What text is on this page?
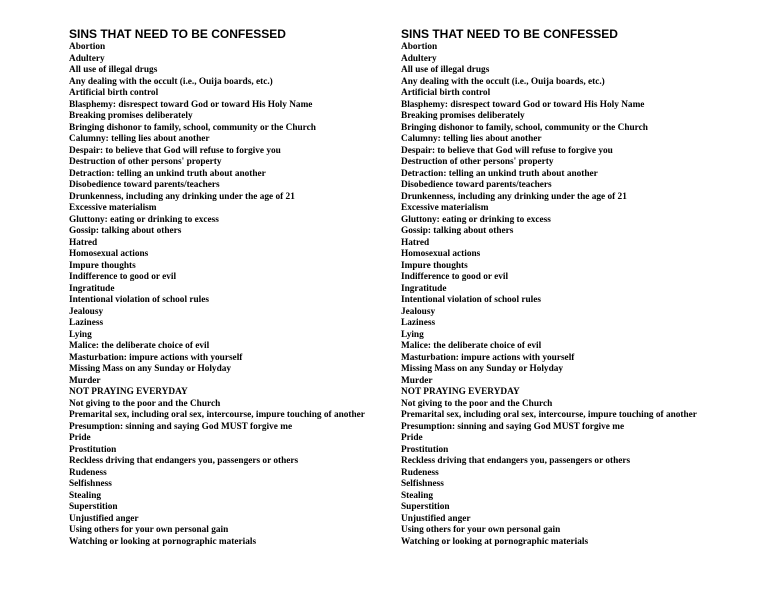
SINS THAT NEED TO BE CONFESSED
Abortion
Adultery
All use of illegal drugs
Any dealing with the occult (i.e., Ouija boards, etc.)
Artificial birth control
Blasphemy: disrespect toward God or toward His Holy Name
Breaking promises deliberately
Bringing dishonor to family, school, community or the Church
Calumny: telling lies about another
Despair: to believe that God will refuse to forgive you
Destruction of other persons' property
Detraction: telling an unkind truth about another
Disobedience toward parents/teachers
Drunkenness, including any drinking under the age of 21
Excessive materialism
Gluttony: eating or drinking to excess
Gossip: talking about others
Hatred
Homosexual actions
Impure thoughts
Indifference to good or evil
Ingratitude
Intentional violation of school rules
Jealousy
Laziness
Lying
Malice: the deliberate choice of evil
Masturbation: impure actions with yourself
Missing Mass on any Sunday or Holyday
Murder
NOT PRAYING EVERYDAY
Not giving to the poor and the Church
Premarital sex, including oral sex, intercourse, impure touching of another
Presumption: sinning and saying God MUST forgive me
Pride
Prostitution
Reckless driving that endangers you, passengers or others
Rudeness
Selfishness
Stealing
Superstition
Unjustified anger
Using others for your own personal gain
Watching or looking at pornographic materials
SINS THAT NEED TO BE CONFESSED
Abortion
Adultery
All use of illegal drugs
Any dealing with the occult (i.e., Ouija boards, etc.)
Artificial birth control
Blasphemy: disrespect toward God or toward His Holy Name
Breaking promises deliberately
Bringing dishonor to family, school, community or the Church
Calumny: telling lies about another
Despair: to believe that God will refuse to forgive you
Destruction of other persons' property
Detraction: telling an unkind truth about another
Disobedience toward parents/teachers
Drunkenness, including any drinking under the age of 21
Excessive materialism
Gluttony: eating or drinking to excess
Gossip: talking about others
Hatred
Homosexual actions
Impure thoughts
Indifference to good or evil
Ingratitude
Intentional violation of school rules
Jealousy
Laziness
Lying
Malice: the deliberate choice of evil
Masturbation: impure actions with yourself
Missing Mass on any Sunday or Holyday
Murder
NOT PRAYING EVERYDAY
Not giving to the poor and the Church
Premarital sex, including oral sex, intercourse, impure touching of another
Presumption: sinning and saying God MUST forgive me
Pride
Prostitution
Reckless driving that endangers you, passengers or others
Rudeness
Selfishness
Stealing
Superstition
Unjustified anger
Using others for your own personal gain
Watching or looking at pornographic materials
